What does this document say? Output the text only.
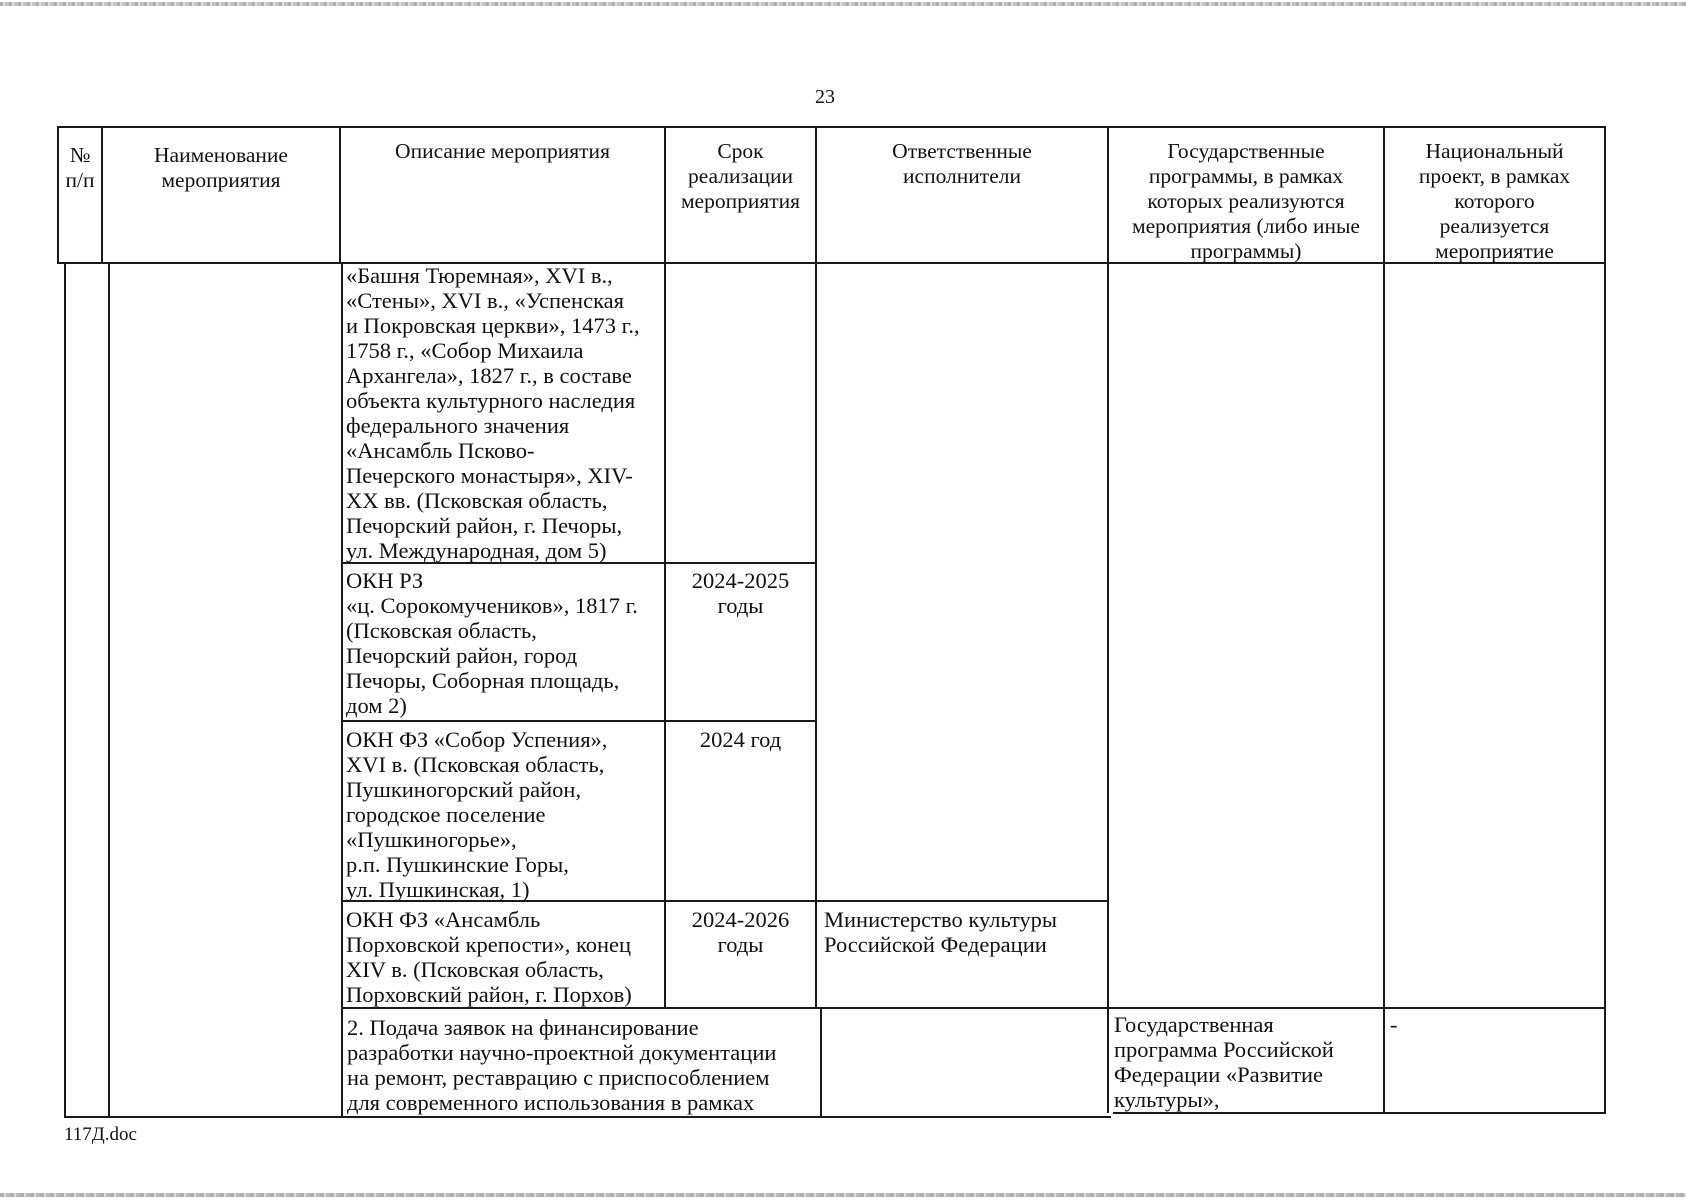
23
№
п/п
Наименование
мероприятия
Описание мероприятия	Срок
реализации
мероприятия
Ответственные
исполнители
Государственные
программы, в рамках
которых реализуются
мероприятия (либо иные
программы)
Национальный
проект, в рамках
которого
реализуется
мероприятие
«Башня Тюремная», XVI в.,
«Стены», XVI в., «Успенская
и Покровская церкви», 1473 г.,
1758 г., «Собор Михаила
Архангела», 1827 г., в составе
объекта культурного наследия
федерального значения
«Ансамбль Псково-
Печерского монастыря», XIV-
XX вв. (Псковская область,
Печорский район, г. Печоры,
ул. Международная, дом 5)
ОКН РЗ
«ц. Сорокомучеников», 1817 г.
(Псковская область,
Печорский район, город
Печоры, Соборная площадь,
дом 2)
2024-2025
годы
ОКН ФЗ «Собор Успения»,
XVI в. (Псковская область,
Пушкиногорский район,
городское поселение
«Пушкиногорье»,
р.п. Пушкинские Горы,
ул. Пушкинская, 1)
2024 год
ОКН ФЗ «Ансамбль
Порховской крепости», конец
XIV в. (Псковская область,
Порховский район, г. Порхов)
2024-2026
годы
Министерство культуры
Российской Федерации
2. Подача заявок на финансирование
разработки научно-проектной документации
на ремонт, реставрацию с приспособлением
для современного использования в рамках
Государственная
программа Российской
Федерации «Развитие
культуры»,
-
117Д.doc
